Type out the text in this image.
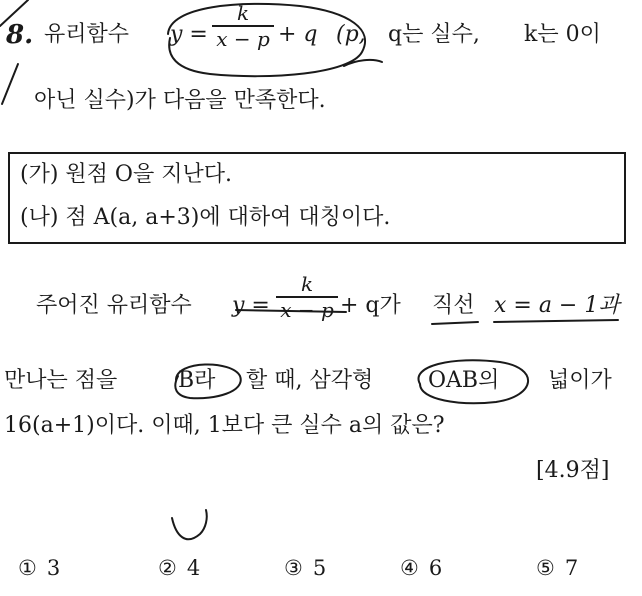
8. 유리함수 y =
k
x − p + q (p, q는 실수, k는 0이
아닌 실수)가 다음을 만족한다.
(가) 원점 O을 지난다.
(나) 점 A(a, a+3)에 대하여 대칭이다.
주어진 유리함수 y =
k
x − p + q가 직선 x = a − 1과
만나는 점을	B라 할 때, 삼각형 OAB의 넓이가
16(a+1)이다. 이때, 1보다 큰 실수 a의 값은?
[4.9점]
① 3	② 4	③ 5	④ 6	⑤ 7
